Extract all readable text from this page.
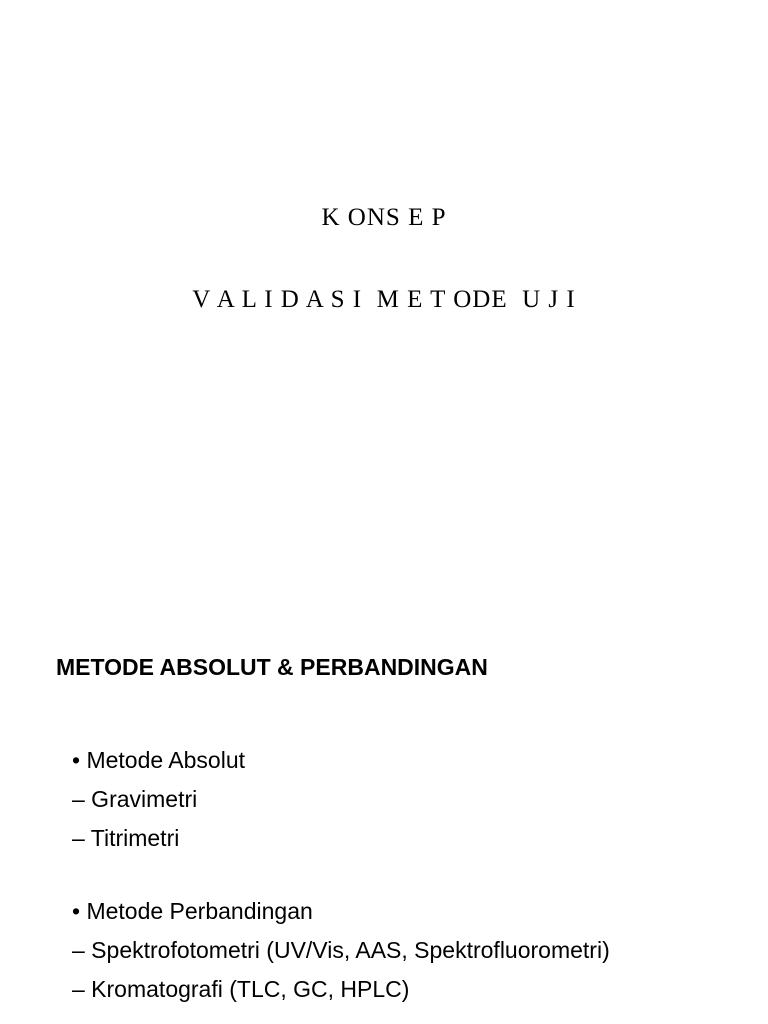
K ONS E P
V A L I D A S I  M E T ODE  U J I
METODE ABSOLUT & PERBANDINGAN
• Metode Absolut
– Gravimetri
– Titrimetri
• Metode Perbandingan
– Spektrofotometri (UV/Vis, AAS, Spektrofluorometri)
– Kromatografi (TLC, GC, HPLC)
